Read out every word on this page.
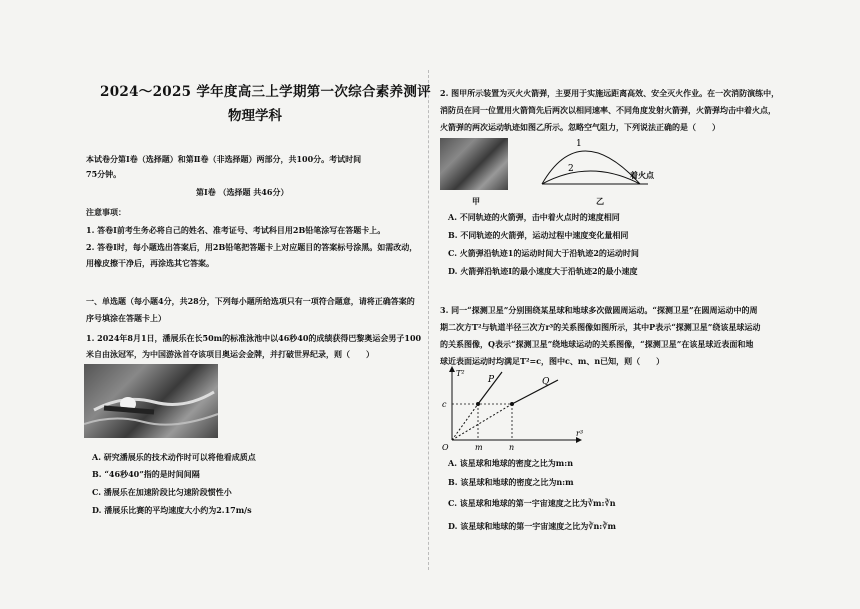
2024～2025 学年度高三上学期第一次综合素养测评
物理学科
本试卷分第Ⅰ卷（选择题）和第Ⅱ卷（非选择题）两部分，共100分。考试时间
75分钟。
第Ⅰ卷 （选择题 共46分）
注意事项：
1. 答卷Ⅰ前考生务必将自己的姓名、准考证号、考试科目用2B铅笔涂写在答题卡上。
2. 答卷Ⅰ时，每小题选出答案后，用2B铅笔把答题卡上对应题目的答案标号涂黑。如需改动，
用橡皮擦干净后，再涂选其它答案。
一、单选题（每小题4分，共28分，下列每小题所给选项只有一项符合题意，请将正确答案的
序号填涂在答题卡上）
1. 2024年8月1日，潘展乐在长50m的标准泳池中以46秒40的成绩获得巴黎奥运会男子100
米自由泳冠军，为中国游泳首夺该项目奥运会金牌，并打破世界纪录，则（　　）
A. 研究潘展乐的技术动作时可以将他看成质点
B. “46秒40”指的是时间间隔
C. 潘展乐在加速阶段比匀速阶段惯性小
D. 潘展乐比赛的平均速度大小约为2.17m/s
2. 图甲所示装置为灭火火箭弹，主要用于实施远距离高效、安全灭火作业。在一次消防演练中，
消防员在同一位置用火箭筒先后两次以相同速率、不同角度发射火箭弹，火箭弹均击中着火点，
火箭弹的两次运动轨迹如图乙所示。忽略空气阻力，下列说法正确的是（　　）
1
2
着火点
甲	乙
A. 不同轨迹的火箭弹，击中着火点时的速度相同
B. 不同轨迹的火箭弹，运动过程中速度变化量相同
C. 火箭弹沿轨迹1的运动时间大于沿轨迹2的运动时间
D. 火箭弹沿轨迹Ⅰ的最小速度大于沿轨迹2的最小速度
3. 同一“探测卫星”分别围绕某星球和地球多次做圆周运动。“探测卫星”在圆周运动中的周
期二次方T²与轨道半径三次方r³的关系图像如图所示，其中P表示“探测卫星”绕该星球运动
的关系图像，Q表示“探测卫星”绕地球运动的关系图像，“探测卫星”在该星球近表面和地
球近表面运动时均满足T²=c，图中c、m、n已知，则（　　）
T²
r³
O
c
m	n
P	Q
A. 该星球和地球的密度之比为m:n
B. 该星球和地球的密度之比为n:m
C. 该星球和地球的第一宇宙速度之比为∛m:∛n
D. 该星球和地球的第一宇宙速度之比为∛n:∛m
